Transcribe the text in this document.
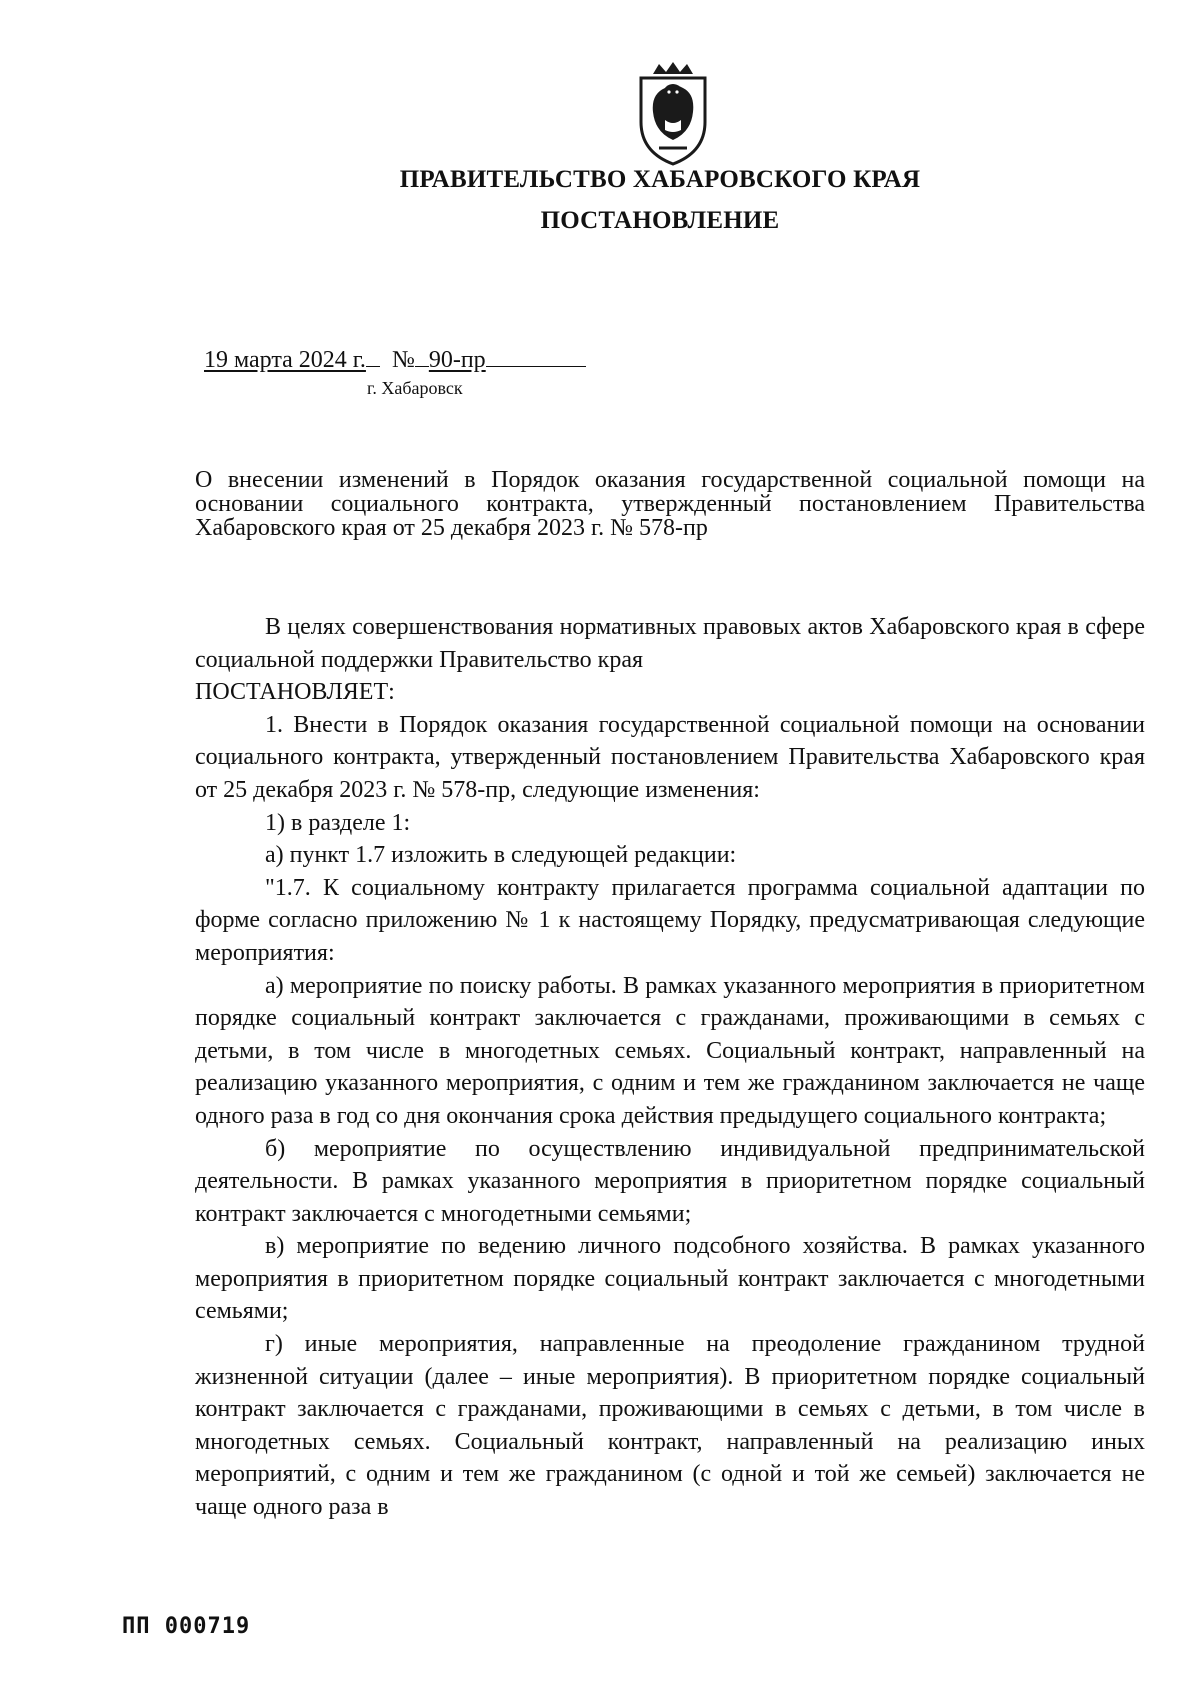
ПРАВИТЕЛЬСТВО ХАБАРОВСКОГО КРАЯ
ПОСТАНОВЛЕНИЕ
19 марта 2024 г. № 90-пр
г. Хабаровск
О внесении изменений в Порядок оказания государственной социальной помощи на основании социального контракта, утвержденный постановлением Правительства Хабаровского края от 25 декабря 2023 г. № 578-пр

В целях совершенствования нормативных правовых актов Хабаровского края в сфере социальной поддержки Правительство края

ПОСТАНОВЛЯЕТ:

1. Внести в Порядок оказания государственной социальной помощи на основании социального контракта, утвержденный постановлением Правительства Хабаровского края от 25 декабря 2023 г. № 578-пр, следующие изменения:

1) в разделе 1:

а) пункт 1.7 изложить в следующей редакции:

"1.7. К социальному контракту прилагается программа социальной адаптации по форме согласно приложению № 1 к настоящему Порядку, предусматривающая следующие мероприятия:

а) мероприятие по поиску работы. В рамках указанного мероприятия в приоритетном порядке социальный контракт заключается с гражданами, проживающими в семьях с детьми, в том числе в многодетных семьях. Социальный контракт, направленный на реализацию указанного мероприятия, с одним и тем же гражданином заключается не чаще одного раза в год со дня окончания срока действия предыдущего социального контракта;

б) мероприятие по осуществлению индивидуальной предпринимательской деятельности. В рамках указанного мероприятия в приоритетном порядке социальный контракт заключается с многодетными семьями;

в) мероприятие по ведению личного подсобного хозяйства. В рамках указанного мероприятия в приоритетном порядке социальный контракт заключается с многодетными семьями;

г) иные мероприятия, направленные на преодоление гражданином трудной жизненной ситуации (далее – иные мероприятия). В приоритетном порядке социальный контракт заключается с гражданами, проживающими в семьях с детьми, в том числе в многодетных семьях. Социальный контракт, направленный на реализацию иных мероприятий, с одним и тем же гражданином (с одной и той же семьей) заключается не чаще одного раза в

ПП 000719
